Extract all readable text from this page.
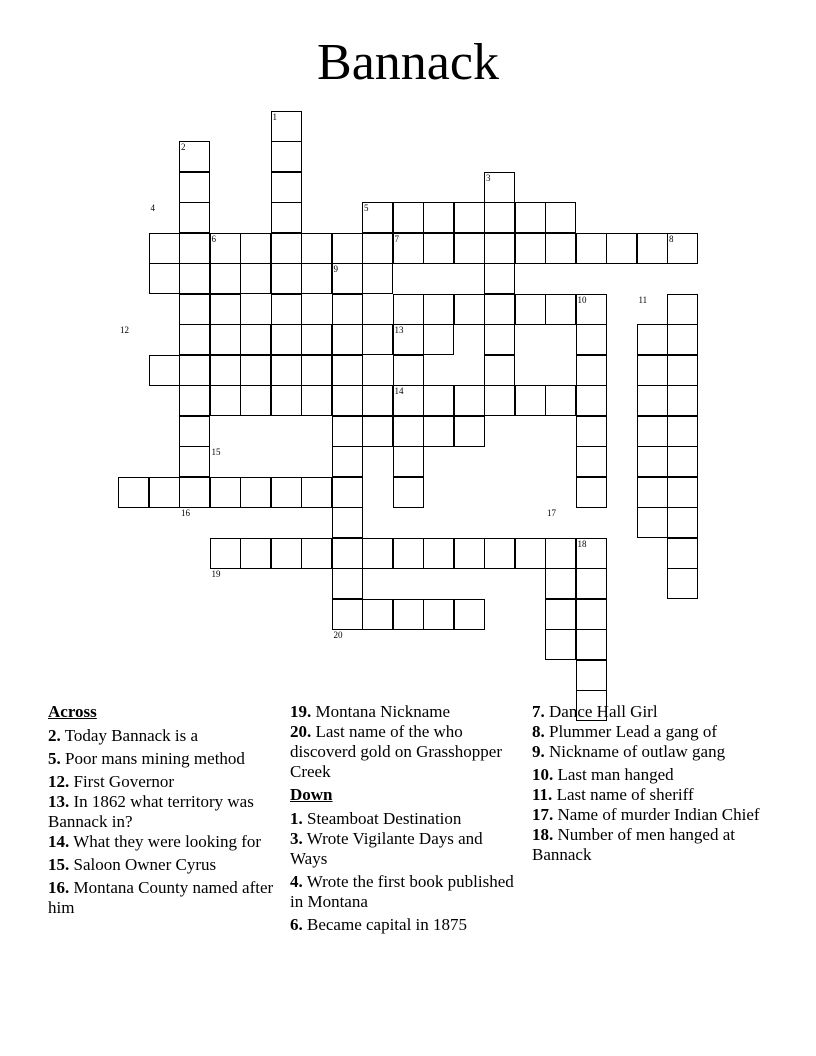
Bannack
1
2
3
4	5
6	7	8
9
10	11
12	13
14
15
16	17
18
19
20
Across
2. Today Bannack is a
5. Poor mans mining method
12. First Governor
13. In 1862 what territory was Bannack in?
14. What they were looking for
15. Saloon Owner Cyrus
16. Montana County named after him
19. Montana Nickname
20. Last name of the who discoverd gold on Grasshopper Creek
Down
1. Steamboat Destination
3. Wrote Vigilante Days and Ways
4. Wrote the first book published in Montana
6. Became capital in 1875
7. Dance Hall Girl
8. Plummer Lead a gang of
9. Nickname of outlaw gang
10. Last man hanged
11. Last name of sheriff
17. Name of murder Indian Chief
18. Number of men hanged at Bannack
